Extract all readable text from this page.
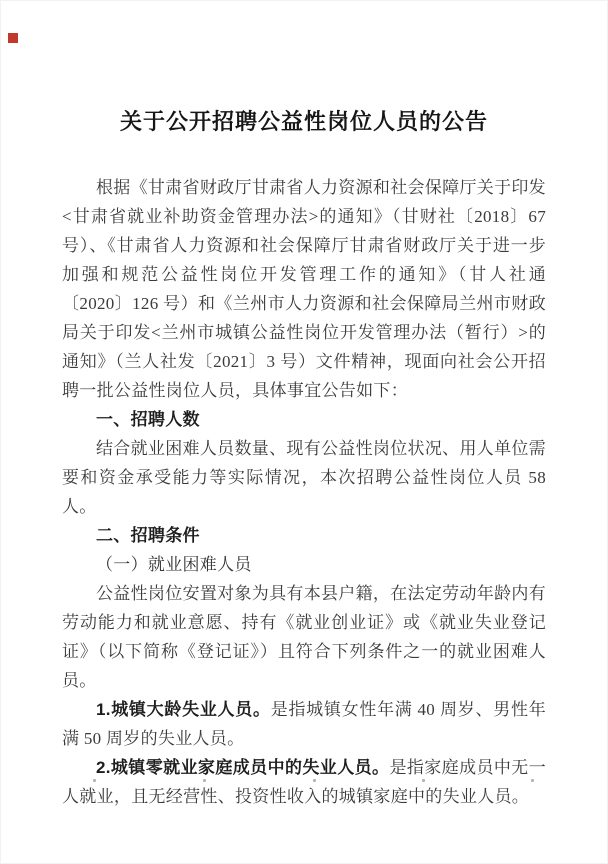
关于公开招聘公益性岗位人员的公告

根据《甘肃省财政厅甘肃省人力资源和社会保障厅关于印发<甘肃省就业补助资金管理办法>的通知》（甘财社〔2018〕67 号）、《甘肃省人力资源和社会保障厅甘肃省财政厅关于进一步加强和规范公益性岗位开发管理工作的通知》（甘人社通〔2020〕126 号）和《兰州市人力资源和社会保障局兰州市财政局关于印发<兰州市城镇公益性岗位开发管理办法（暂行）>的通知》（兰人社发〔2021〕3 号）文件精神，现面向社会公开招聘一批公益性岗位人员，具体事宜公告如下：

一、招聘人数

结合就业困难人员数量、现有公益性岗位状况、用人单位需要和资金承受能力等实际情况，本次招聘公益性岗位人员 58 人。

二、招聘条件

（一）就业困难人员

公益性岗位安置对象为具有本县户籍，在法定劳动年龄内有劳动能力和就业意愿、持有《就业创业证》或《就业失业登记证》（以下简称《登记证》）且符合下列条件之一的就业困难人员。

1.城镇大龄失业人员。是指城镇女性年满 40 周岁、男性年满 50 周岁的失业人员。

2.城镇零就业家庭成员中的失业人员。是指家庭成员中无一人就业，且无经营性、投资性收入的城镇家庭中的失业人员。
